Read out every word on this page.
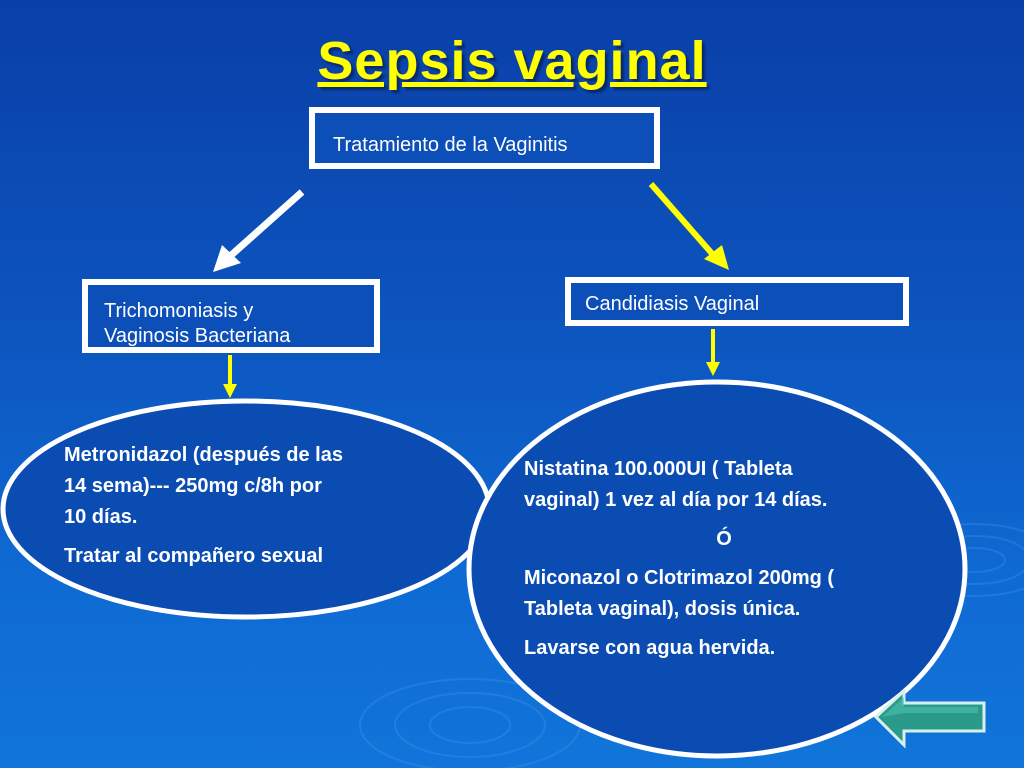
Sepsis vaginal
Tratamiento de la Vaginitis
Trichomoniasis y
Vaginosis Bacteriana
Candidiasis Vaginal

Metronidazol (después de las
14 sema)--- 250mg c/8h por
10 días.

Tratar al compañero sexual

Nistatina 100.000UI ( Tableta
vaginal) 1 vez al día por 14 días.

Ó

Miconazol o Clotrimazol 200mg (
Tableta vaginal), dosis única.

Lavarse con agua hervida.
